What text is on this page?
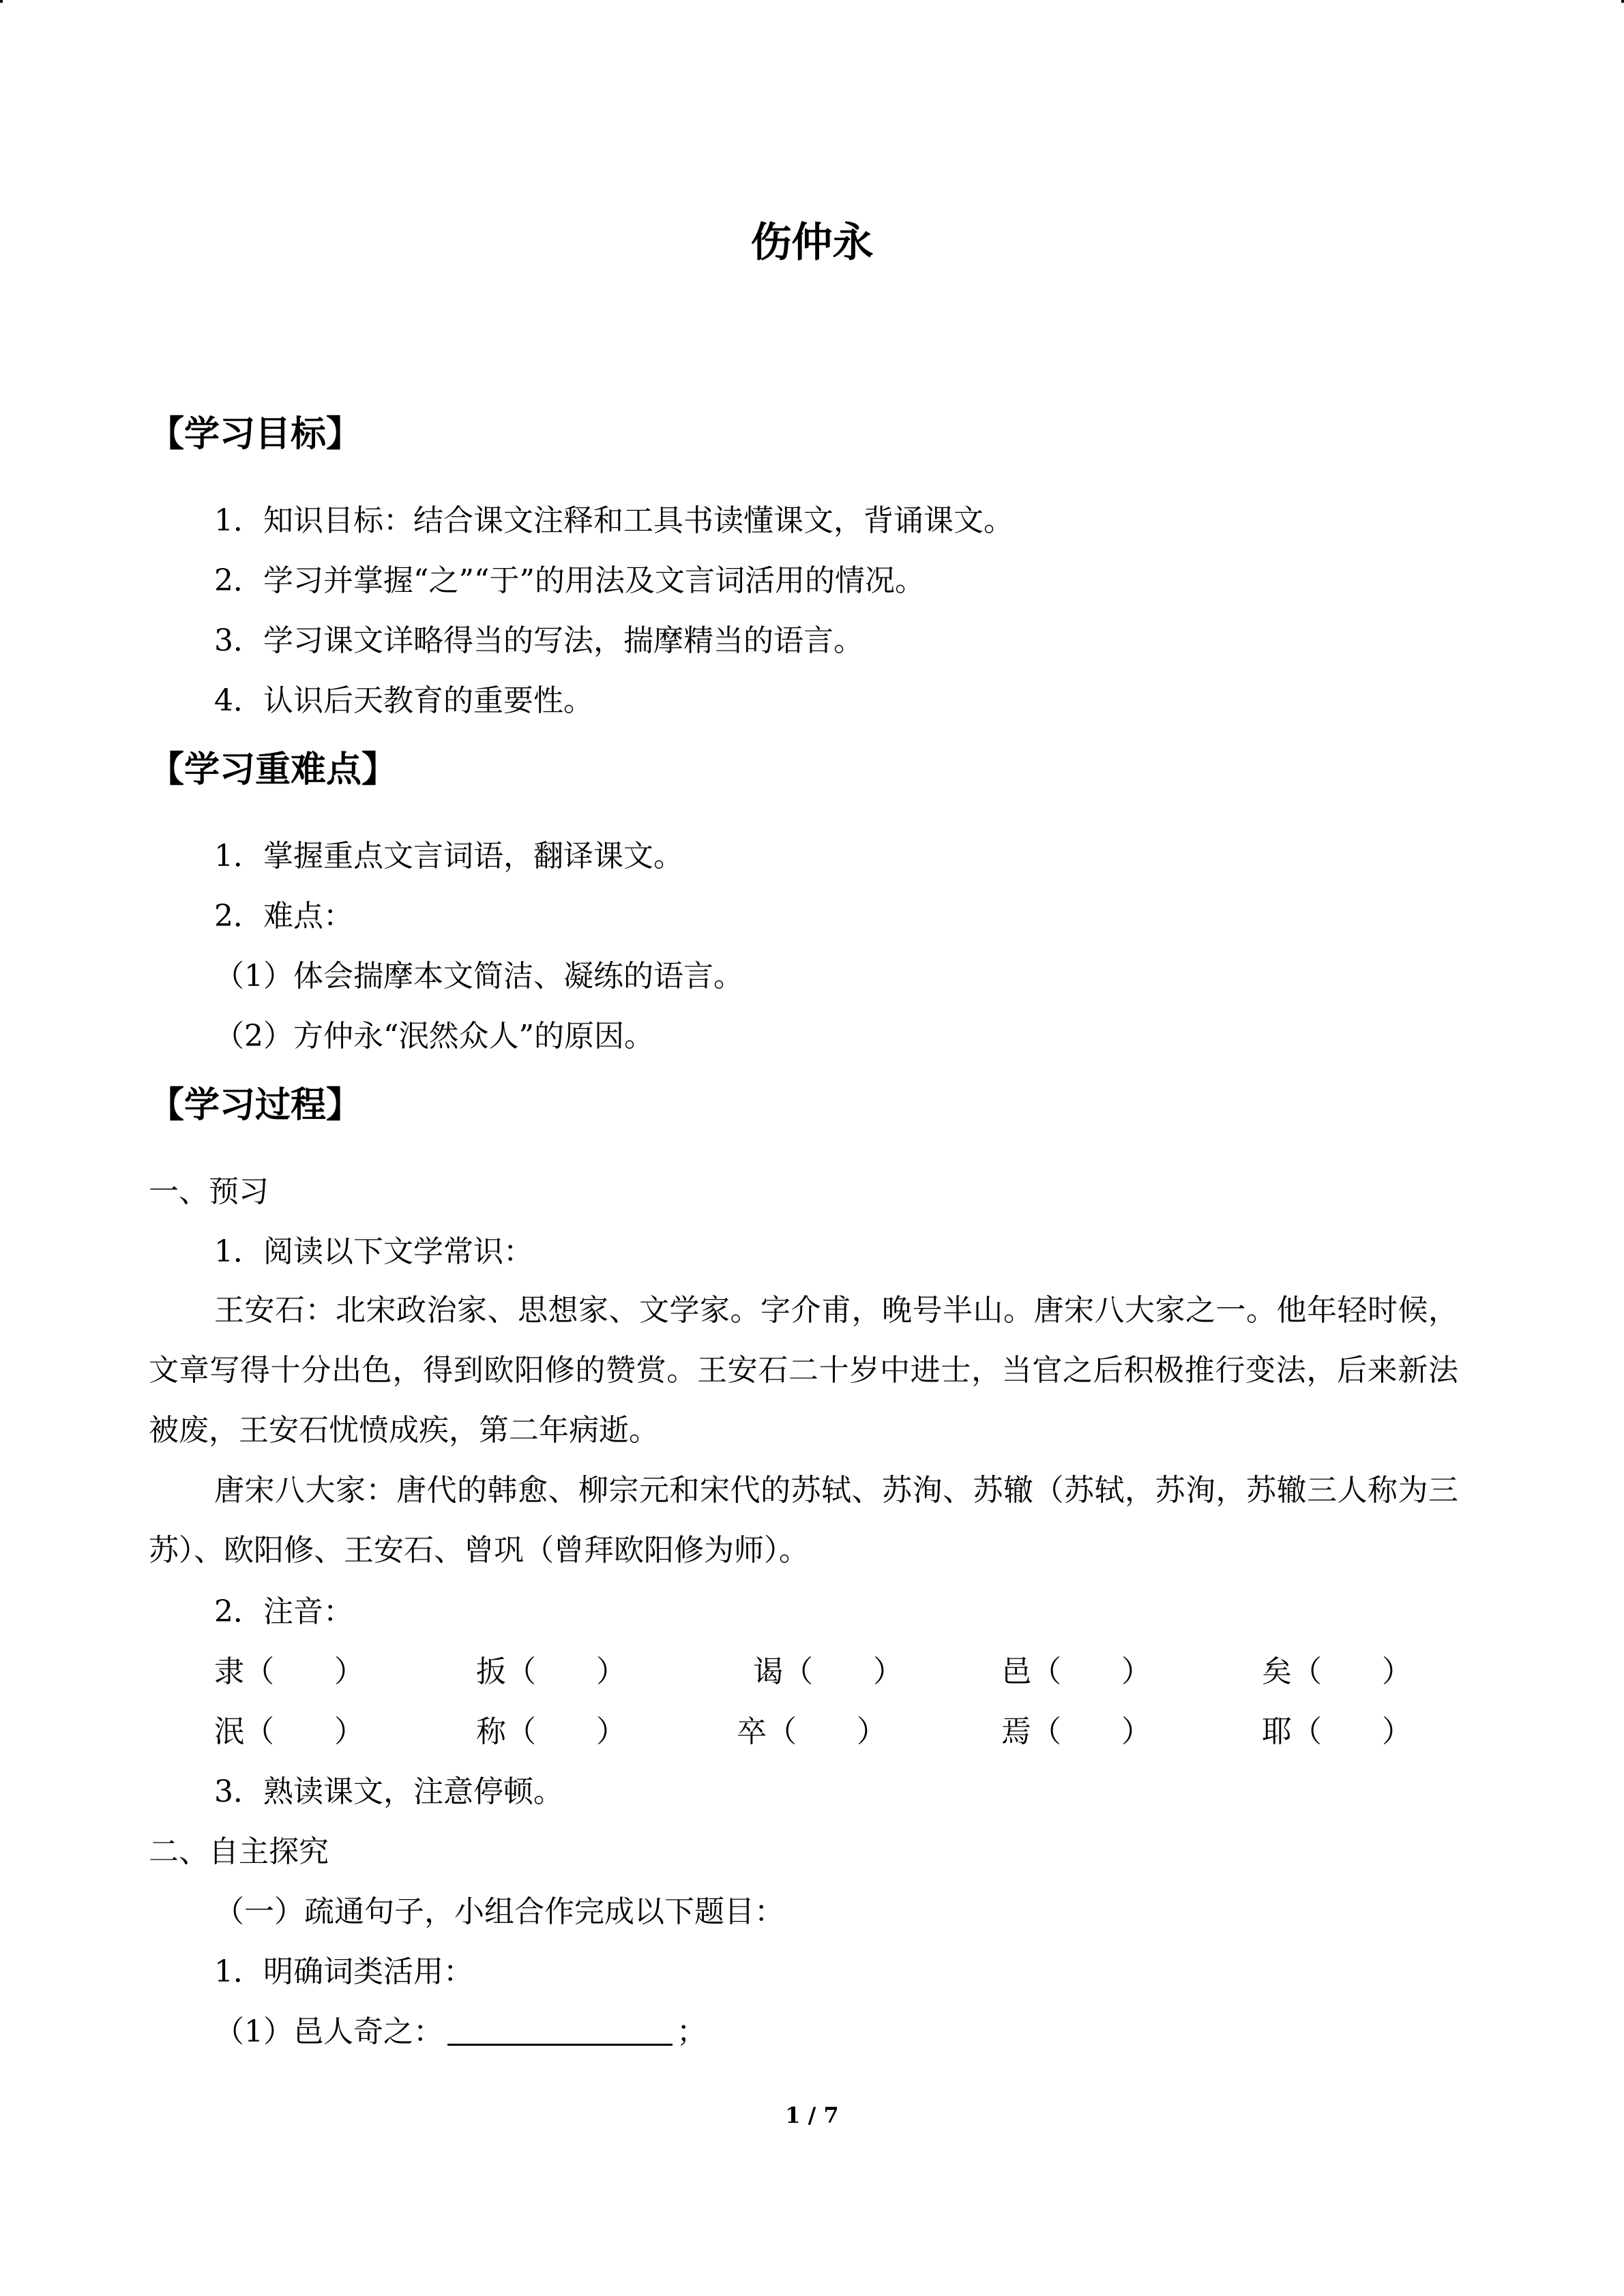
伤仲永
【学习目标】
1．知识目标：结合课文注释和工具书读懂课文，背诵课文。
2．学习并掌握“之”“于”的用法及文言词活用的情况。
3．学习课文详略得当的写法，揣摩精当的语言。
4．认识后天教育的重要性。
【学习重难点】
1．掌握重点文言词语，翻译课文。
2．难点：
（1）体会揣摩本文简洁、凝练的语言。
（2）方仲永“泯然众人”的原因。
【学习过程】
一、预习
1．阅读以下文学常识：
王安石：北宋政治家、思想家、文学家。字介甫，晚号半山。唐宋八大家之一。他年轻时候，文章写得十分出色，得到欧阳修的赞赏。王安石二十岁中进士，当官之后积极推行变法，后来新法被废，王安石忧愤成疾，第二年病逝。
唐宋八大家：唐代的韩愈、柳宗元和宋代的苏轼、苏洵、苏辙（苏轼，苏洵，苏辙三人称为三苏）、欧阳修、王安石、曾巩（曾拜欧阳修为师）。
2．注音：
隶（　　）	扳（　　）	谒（　　）	邑（　　）	矣（　　）
泯（　　）	称（　　）	卒（　　）	焉（　　）	耶（　　）
3．熟读课文，注意停顿。
二、自主探究
（一）疏通句子，小组合作完成以下题目：
1．明确词类活用：
（1）邑人奇之：	；
1 / 7
